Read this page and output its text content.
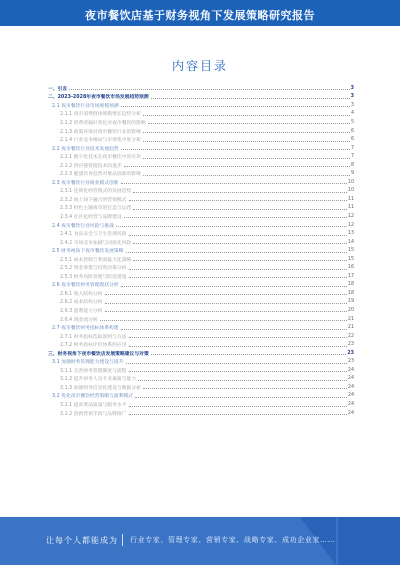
夜市餐饮店基于财务视角下发展策略研究报告
内容目录
一、引言	3
二、2023-2028年夜市餐饮市场发展趋势预测	3
2.1 夜市餐饮行业市场规模预测	3
2.1.1 夜市消费群体规模增长趋势分析	4
2.1.2 消费者偏好变化对夜市餐饮的影响	5
2.1.3 政策环境对夜市餐饮行业的影响	6
2.1.4 行业竞争格局与市场集中度分析	6
2.2 夜市餐饮行业技术发展趋势	7
2.2.1 数字化技术在夜市餐饮中的应用	7
2.2.2 供应链管理技术的进步	8
2.2.3 健康饮食趋势对菜品创新的影响	9
2.3 夜市餐饮行业商业模式创新	10
2.3.1 连锁化经营模式的发展趋势	10
2.3.2 线上线下融合的营销模式	11
2.3.3 特色主题夜市的打造与运营	11
2.3.4 社区化经营与品牌建设	12
2.4 夜市餐饮行业风险与挑战	12
2.4.1 食品安全与卫生管理风险	13
2.4.2 市场竞争加剧与同质化风险	14
2.5 财务视角下夜市餐饮发展策略	15
2.5.1 成本控制与利润最大化策略	15
2.5.2 资金筹措与投资决策分析	16
2.5.3 财务风险管理与防范措施	17
2.6 夜市餐饮财务管理现状分析	18
2.6.1 收入结构分析	18
2.6.2 成本结构分析	19
2.6.3 盈利能力分析	20
2.6.4 现金流分析	21
2.7 夜市餐饮财务指标体系构建	21
2.7.1 财务指标选取原则与方法	22
2.7.2 财务指标评价体系的应用	23
三、财务视角下夜市餐饮店发展策略建议与对策	23
3.1 加强财务管理能力建设与提升	23
3.1.1 完善财务管理制度与流程	24
3.1.2 提升财务人员专业素质与能力	24
3.1.3 加强财务信息化建设与数据分析	24
3.2 优化夜市餐饮经营策略与盈利模式	24
3.2.1 提高菜品质量与服务水平	24
3.2.2 创新营销手段与品牌推广	24
让每个人都能成为 行业专家、管理专家、营销专家、战略专家、成功企业家……
